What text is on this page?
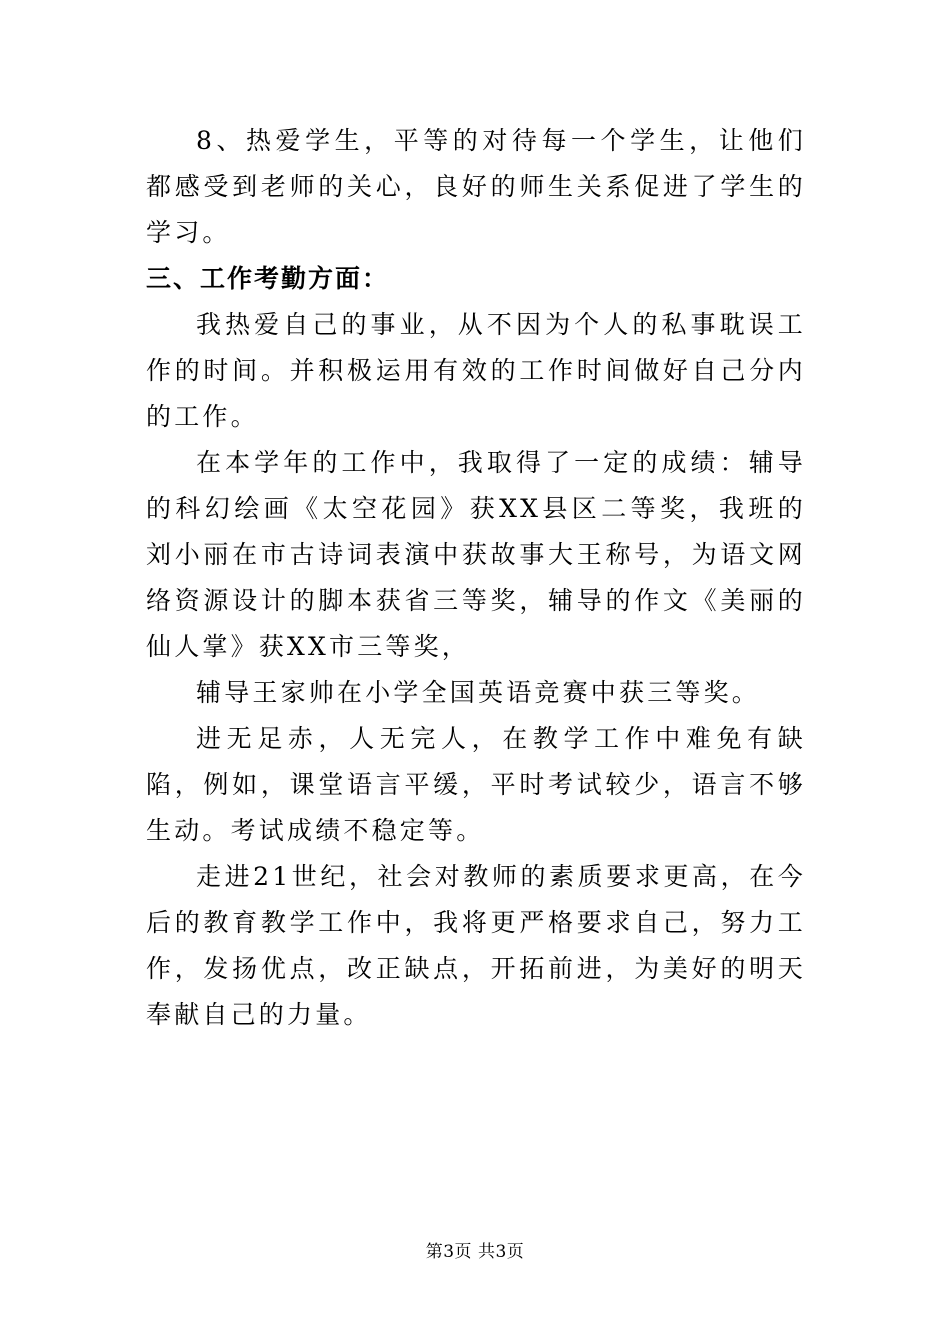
8、热爱学生，平等的对待每一个学生，让他们都感受到老师的关心，良好的师生关系促进了学生的学习。

三、工作考勤方面：

我热爱自己的事业，从不因为个人的私事耽误工作的时间。并积极运用有效的工作时间做好自己分内的工作。

在本学年的工作中，我取得了一定的成绩：辅导的科幻绘画《太空花园》获XX县区二等奖，我班的刘小丽在市古诗词表演中获故事大王称号，为语文网络资源设计的脚本获省三等奖，辅导的作文《美丽的仙人掌》获XX市三等奖，

辅导王家帅在小学全国英语竞赛中获三等奖。

进无足赤，人无完人，在教学工作中难免有缺陷，例如，课堂语言平缓，平时考试较少，语言不够生动。考试成绩不稳定等。

走进21世纪，社会对教师的素质要求更高，在今后的教育教学工作中，我将更严格要求自己，努力工作，发扬优点，改正缺点，开拓前进，为美好的明天奉献自己的力量。

第3页 共3页
